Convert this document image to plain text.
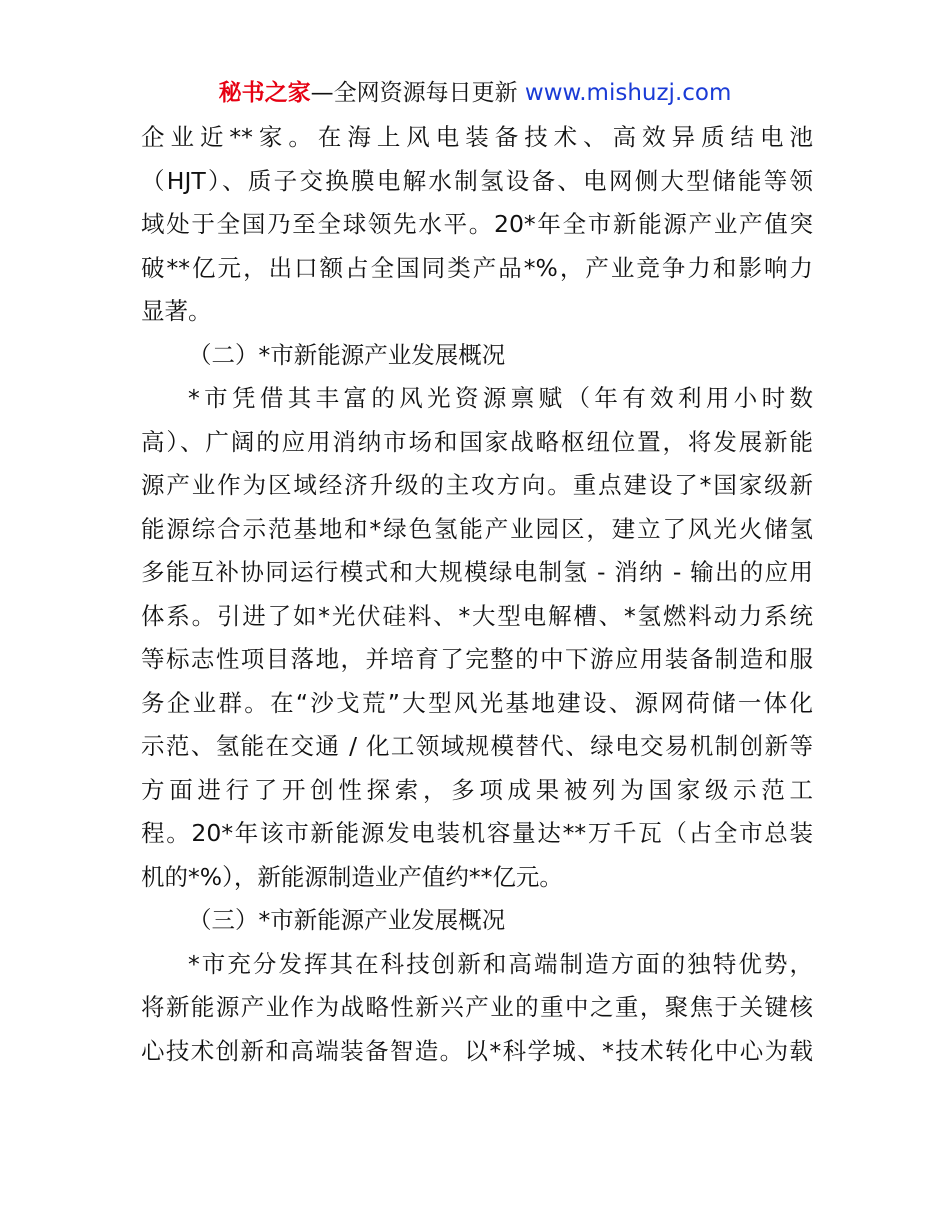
秘书之家—全网资源每日更新 www.mishuzj.com
企业近**家。在海上风电装备技术、高效异质结电池
（HJT）、质子交换膜电解水制氢设备、电网侧大型储能等领
域处于全国乃至全球领先水平。20*年全市新能源产业产值突
破**亿元，出口额占全国同类产品*%，产业竞争力和影响力
显著。
（二）*市新能源产业发展概况
*市凭借其丰富的风光资源禀赋（年有效利用小时数
高）、广阔的应用消纳市场和国家战略枢纽位置，将发展新能
源产业作为区域经济升级的主攻方向。重点建设了*国家级新
能源综合示范基地和*绿色氢能产业园区，建立了风光火储氢
多能互补协同运行模式和大规模绿电制氢 - 消纳 - 输出的应用
体系。引进了如*光伏硅料、*大型电解槽、*氢燃料动力系统
等标志性项目落地，并培育了完整的中下游应用装备制造和服
务企业群。在“沙戈荒”大型风光基地建设、源网荷储一体化
示范、氢能在交通 / 化工领域规模替代、绿电交易机制创新等
方面进行了开创性探索，多项成果被列为国家级示范工
程。20*年该市新能源发电装机容量达**万千瓦（占全市总装
机的*%），新能源制造业产值约**亿元。
（三）*市新能源产业发展概况
*市充分发挥其在科技创新和高端制造方面的独特优势，
将新能源产业作为战略性新兴产业的重中之重，聚焦于关键核
心技术创新和高端装备智造。以*科学城、*技术转化中心为载
